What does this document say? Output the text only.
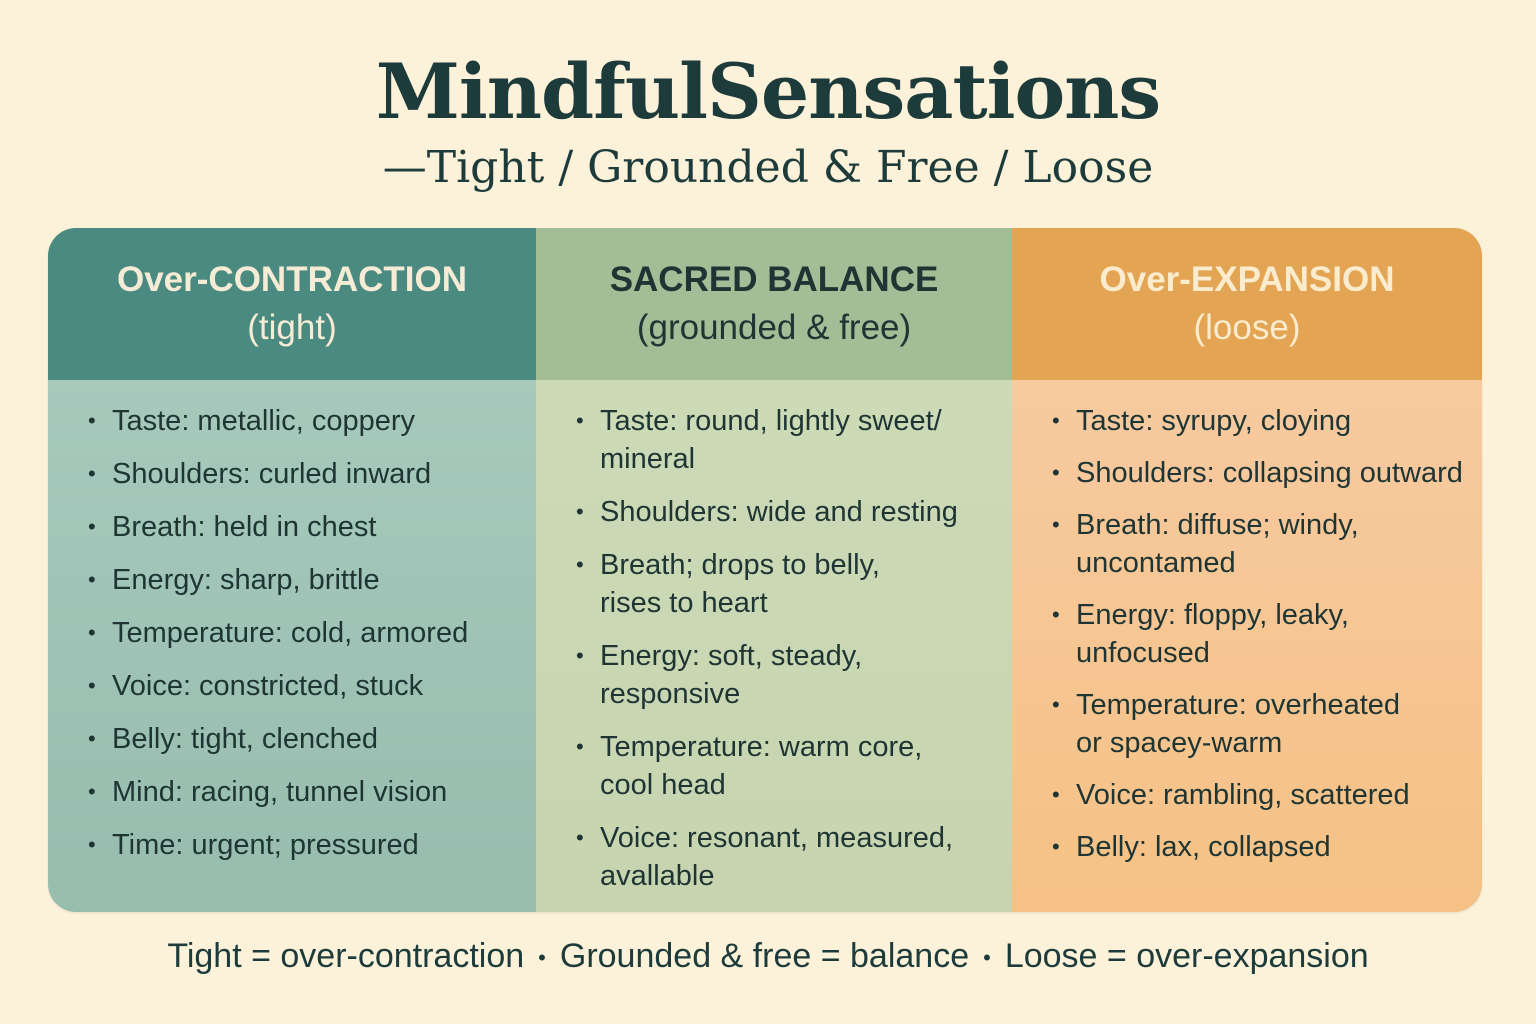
MindfulSensations
—Tight / Grounded & Free / Loose
Over-CONTRACTION
(tight)
• Taste: metallic, coppery
• Shoulders: curled inward
• Breath: held in chest
• Energy: sharp, brittle
• Temperature: cold, armored
• Voice: constricted, stuck
• Belly: tight, clenched
• Mind: racing, tunnel vision
• Time: urgent; pressured
SACRED BALANCE
(grounded & free)
• Taste: round, lightly sweet/
mineral
• Shoulders: wide and resting
• Breath; drops to belly,
rises to heart
• Energy: soft, steady, responsive
• Temperature: warm core,
cool head
• Voice: resonant, measured,
avallable
Over-EXPANSION
(loose)
• Taste: syrupy, cloying
• Shoulders: collapsing outward
• Breath: diffuse; windy,
uncontamed
• Energy: floppy, leaky,
unfocused
• Temperature: overheated
or spacey-warm
• Voice: rambling, scattered
• Belly: lax, collapsed
Tight = over-contraction • Grounded & free = balance • Loose = over-expansion
